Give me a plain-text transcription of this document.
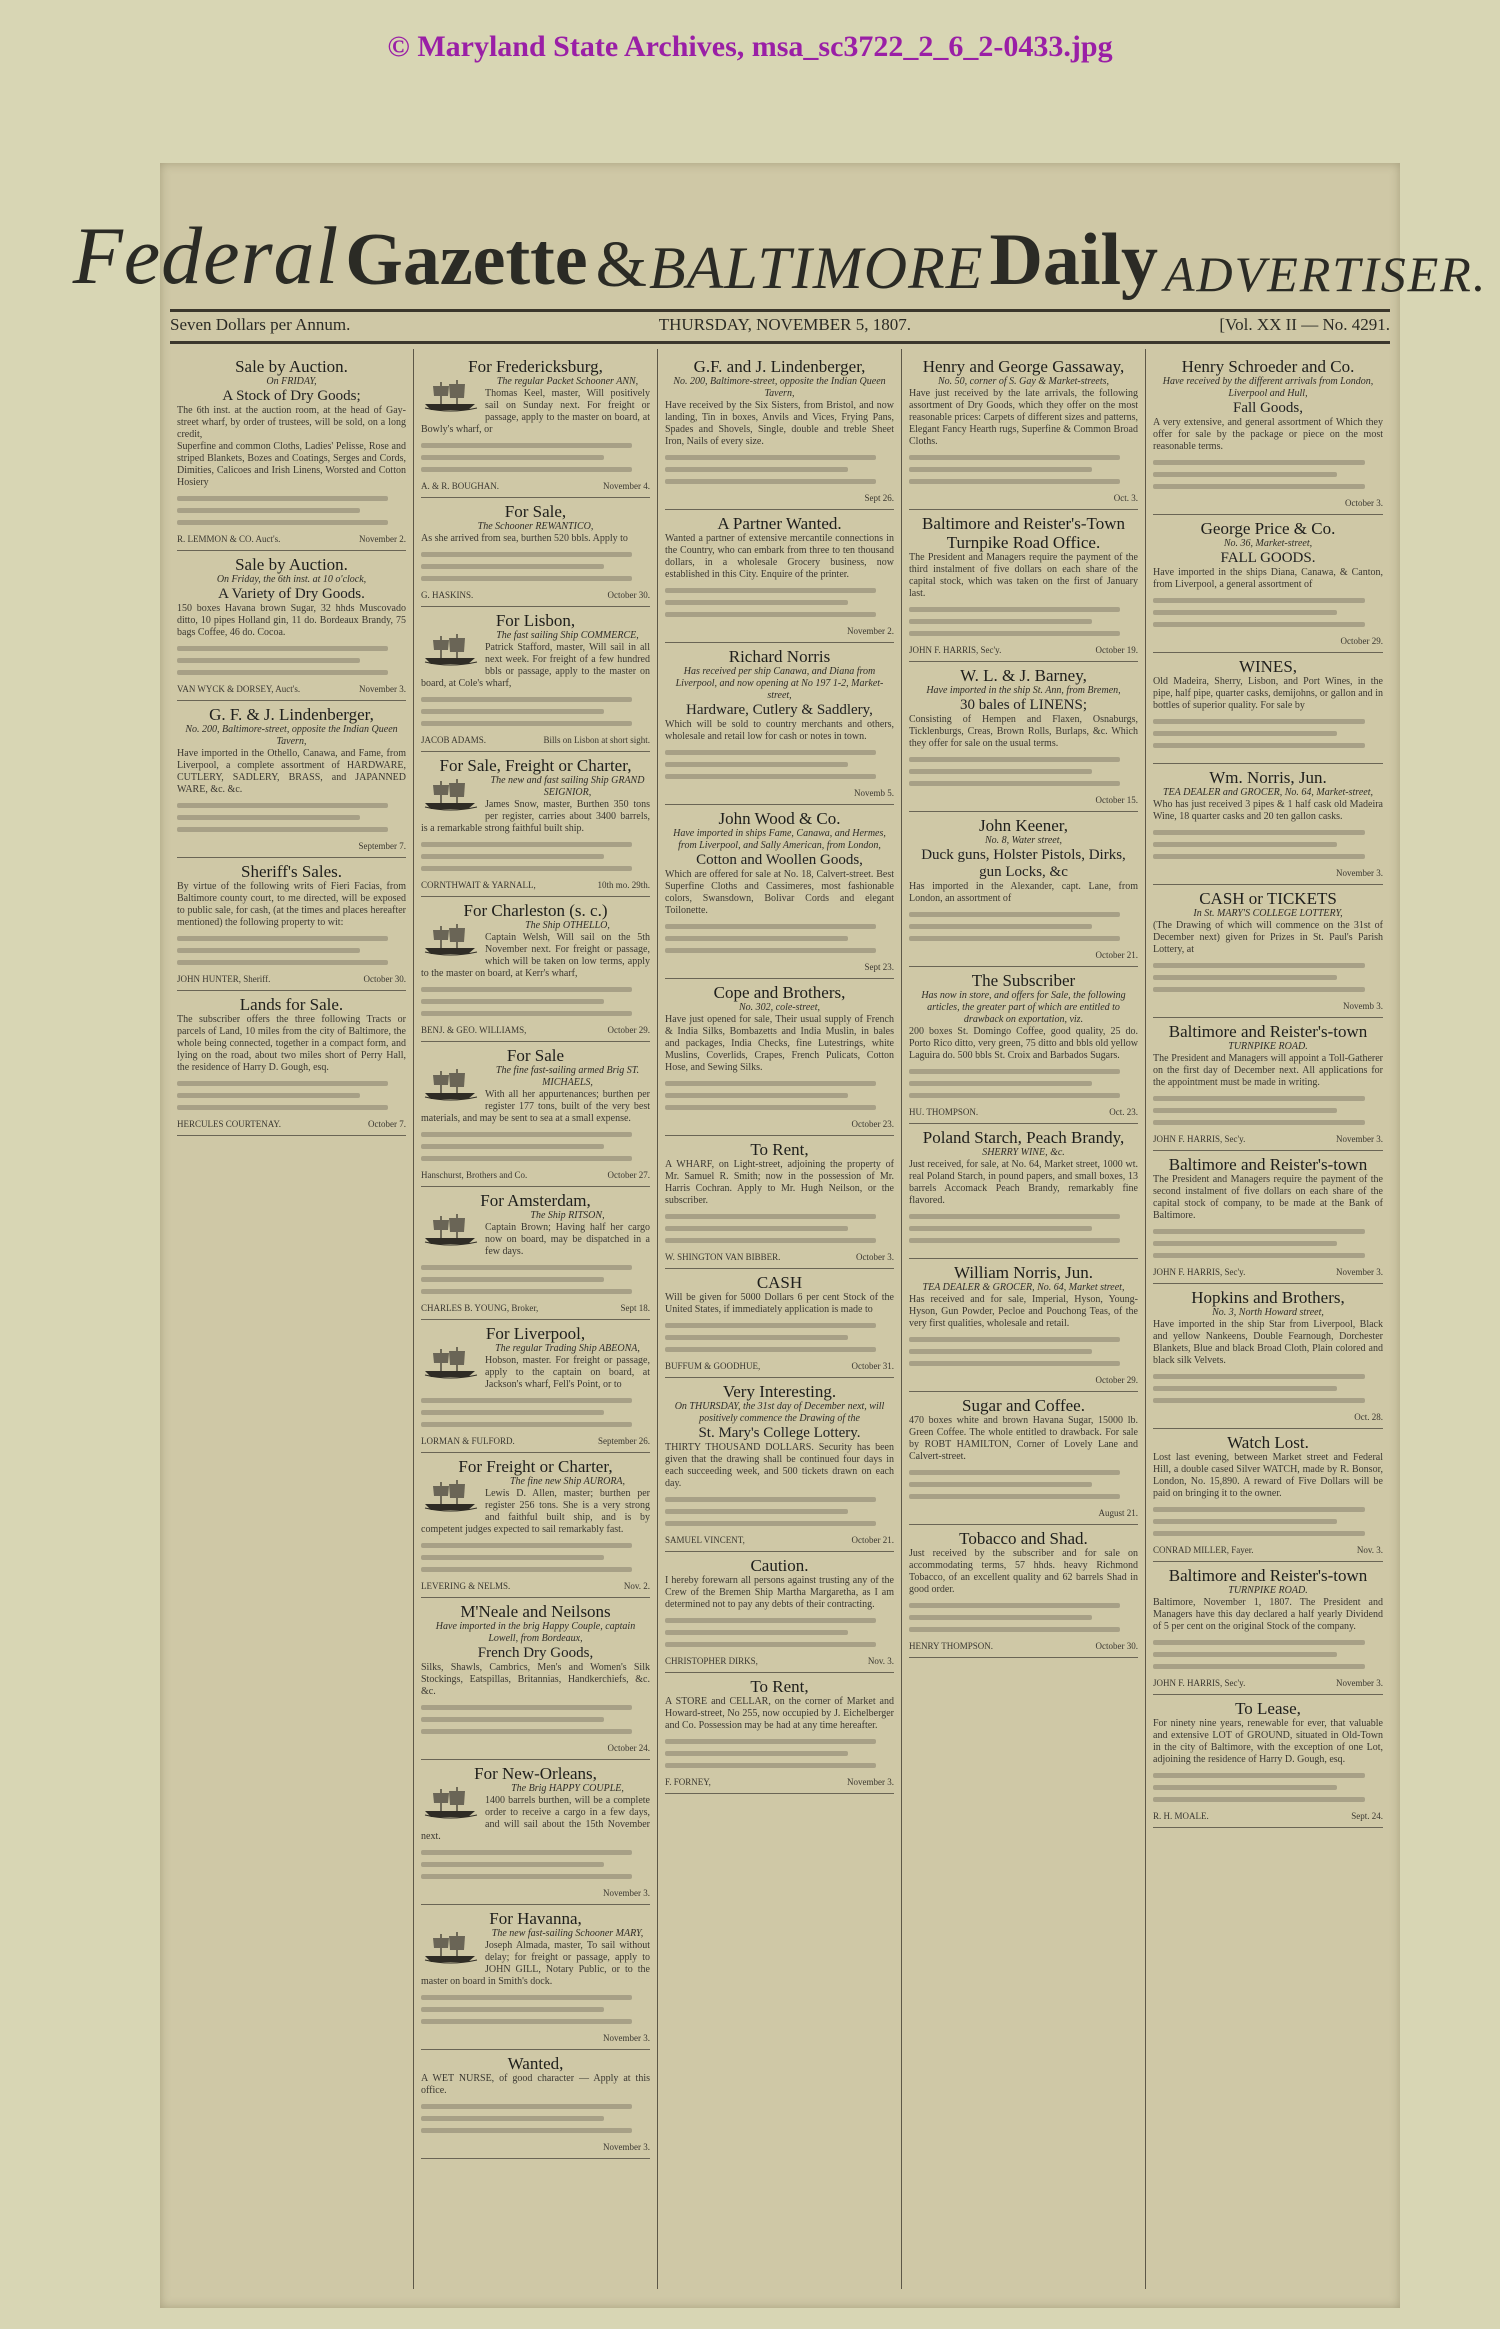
© Maryland State Archives, msa_sc3722_2_6_2-0433.jpg
Federal Gazette & BALTIMORE Daily ADVERTISER.
Seven Dollars per Annum.	THURSDAY, NOVEMBER 5, 1807.	[Vol. XX II — No. 4291.
Sale by Auction.
On FRIDAY,
A Stock of Dry Goods;
The 6th inst. at the auction room, at the head of Gay-street wharf, by order of trustees, will be sold, on a long credit,
Superfine and common Cloths, Ladies' Pelisse, Rose and striped Blankets, Bozes and Coatings, Serges and Cords, Dimities, Calicoes and Irish Linens, Worsted and Cotton Hosiery
R. LEMMON & CO. Auct's.	November 2.
Sale by Auction.
On Friday, the 6th inst. at 10 o'clock,
A Variety of Dry Goods.
150 boxes Havana brown Sugar, 32 hhds Muscovado ditto, 10 pipes Holland gin, 11 do. Bordeaux Brandy, 75 bags Coffee, 46 do. Cocoa.
VAN WYCK & DORSEY, Auct's.	November 3.
G. F. & J. Lindenberger,
No. 200, Baltimore-street, opposite the Indian Queen Tavern,
Have imported in the Othello, Canawa, and Fame, from Liverpool, a complete assortment of HARDWARE, CUTLERY, SADLERY, BRASS, and JAPANNED WARE, &c. &c.
September 7.
Sheriff's Sales.
By virtue of the following writs of Fieri Facias, from Baltimore county court, to me directed, will be exposed to public sale, for cash, (at the times and places hereafter mentioned) the following property to wit:
JOHN HUNTER, Sheriff.	October 30.
Lands for Sale.
The subscriber offers the three following Tracts or parcels of Land, 10 miles from the city of Baltimore, the whole being connected, together in a compact form, and lying on the road, about two miles short of Perry Hall, the residence of Harry D. Gough, esq.
HERCULES COURTENAY.	October 7.
For Fredericksburg,
The regular Packet Schooner ANN,
Thomas Keel, master, Will positively sail on Sunday next. For freight or passage, apply to the master on board, at Bowly's wharf, or
A. & R. BOUGHAN.	November 4.
For Sale,
The Schooner REWANTICO,
As she arrived from sea, burthen 520 bbls. Apply to
G. HASKINS.	October 30.
For Lisbon,
The fast sailing Ship COMMERCE,
Patrick Stafford, master, Will sail in all next week. For freight of a few hundred bbls or passage, apply to the master on board, at Cole's wharf,
JACOB ADAMS.	Bills on Lisbon at short sight.
For Sale, Freight or Charter,
The new and fast sailing Ship GRAND SEIGNIOR,
James Snow, master, Burthen 350 tons per register, carries about 3400 barrels, is a remarkable strong faithful built ship.
CORNTHWAIT & YARNALL,	10th mo. 29th.
For Charleston (s. c.)
The Ship OTHELLO,
Captain Welsh, Will sail on the 5th November next. For freight or passage, which will be taken on low terms, apply to the master on board, at Kerr's wharf,
BENJ. & GEO. WILLIAMS,	October 29.
For Sale
The fine fast-sailing armed Brig ST. MICHAELS,
With all her appurtenances; burthen per register 177 tons, built of the very best materials, and may be sent to sea at a small expense.
Hanschurst, Brothers and Co.	October 27.
For Amsterdam,
The Ship RITSON,
Captain Brown; Having half her cargo now on board, may be dispatched in a few days.
CHARLES B. YOUNG, Broker,	Sept 18.
For Liverpool,
The regular Trading Ship ABEONA,
Hobson, master. For freight or passage, apply to the captain on board, at Jackson's wharf, Fell's Point, or to
LORMAN & FULFORD.	September 26.
For Freight or Charter,
The fine new Ship AURORA,
Lewis D. Allen, master; burthen per register 256 tons. She is a very strong and faithful built ship, and is by competent judges expected to sail remarkably fast.
LEVERING & NELMS.	Nov. 2.
M'Neale and Neilsons
Have imported in the brig Happy Couple, captain Lowell, from Bordeaux,
French Dry Goods,
Silks, Shawls, Cambrics, Men's and Women's Silk Stockings, Eatspillas, Britannias, Handkerchiefs, &c. &c.
October 24.
For New-Orleans,
The Brig HAPPY COUPLE,
1400 barrels burthen, will be a complete order to receive a cargo in a few days, and will sail about the 15th November next.
November 3.
For Havanna,
The new fast-sailing Schooner MARY,
Joseph Almada, master, To sail without delay; for freight or passage, apply to JOHN GILL, Notary Public, or to the master on board in Smith's dock.
November 3.
Wanted,
A WET NURSE, of good character — Apply at this office.
November 3.
G.F. and J. Lindenberger,
No. 200, Baltimore-street, opposite the Indian Queen Tavern,
Have received by the Six Sisters, from Bristol, and now landing, Tin in boxes, Anvils and Vices, Frying Pans, Spades and Shovels, Single, double and treble Sheet Iron, Nails of every size.
Sept 26.
A Partner Wanted.
Wanted a partner of extensive mercantile connections in the Country, who can embark from three to ten thousand dollars, in a wholesale Grocery business, now established in this City. Enquire of the printer.
November 2.
Richard Norris
Has received per ship Canawa, and Diana from Liverpool, and now opening at No 197 1-2, Market-street,
Hardware, Cutlery & Saddlery,
Which will be sold to country merchants and others, wholesale and retail low for cash or notes in town.
Novemb 5.
John Wood & Co.
Have imported in ships Fame, Canawa, and Hermes, from Liverpool, and Sally American, from London,
Cotton and Woollen Goods,
Which are offered for sale at No. 18, Calvert-street. Best Superfine Cloths and Cassimeres, most fashionable colors, Swansdown, Bolivar Cords and elegant Toilonette.
Sept 23.
Cope and Brothers,
No. 302, cole-street,
Have just opened for sale, Their usual supply of French & India Silks, Bombazetts and India Muslin, in bales and packages, India Checks, fine Lutestrings, white Muslins, Coverlids, Crapes, French Pulicats, Cotton Hose, and Sewing Silks.
October 23.
To Rent,
A WHARF, on Light-street, adjoining the property of Mr. Samuel R. Smith; now in the possession of Mr. Harris Cochran. Apply to Mr. Hugh Neilson, or the subscriber.
W. SHINGTON VAN BIBBER.	October 3.
CASH
Will be given for 5000 Dollars 6 per cent Stock of the United States, if immediately application is made to
BUFFUM & GOODHUE,	October 31.
Very Interesting.
On THURSDAY, the 31st day of December next, will positively commence the Drawing of the
St. Mary's College Lottery.
THIRTY THOUSAND DOLLARS. Security has been given that the drawing shall be continued four days in each succeeding week, and 500 tickets drawn on each day.
SAMUEL VINCENT,	October 21.
Caution.
I hereby forewarn all persons against trusting any of the Crew of the Bremen Ship Martha Margaretha, as I am determined not to pay any debts of their contracting.
CHRISTOPHER DIRKS,	Nov. 3.
To Rent,
A STORE and CELLAR, on the corner of Market and Howard-street, No 255, now occupied by J. Eichelberger and Co. Possession may be had at any time hereafter.
F. FORNEY,	November 3.
Henry and George Gassaway,
No. 50, corner of S. Gay & Market-streets,
Have just received by the late arrivals, the following assortment of Dry Goods, which they offer on the most reasonable prices: Carpets of different sizes and patterns, Elegant Fancy Hearth rugs, Superfine & Common Broad Cloths.
Oct. 3.
Baltimore and Reister's-Town Turnpike Road Office.
The President and Managers require the payment of the third instalment of five dollars on each share of the capital stock, which was taken on the first of January last.
JOHN F. HARRIS, Sec'y.	October 19.
W. L. & J. Barney,
Have imported in the ship St. Ann, from Bremen,
30 bales of LINENS;
Consisting of Hempen and Flaxen, Osnaburgs, Ticklenburgs, Creas, Brown Rolls, Burlaps, &c. Which they offer for sale on the usual terms.
October 15.
John Keener,
No. 8, Water street,
Duck guns, Holster Pistols, Dirks, gun Locks, &c
Has imported in the Alexander, capt. Lane, from London, an assortment of
October 21.
The Subscriber
Has now in store, and offers for Sale, the following articles, the greater part of which are entitled to drawback on exportation, viz.
200 boxes St. Domingo Coffee, good quality, 25 do. Porto Rico ditto, very green, 75 ditto and bbls old yellow Laguira do. 500 bbls St. Croix and Barbados Sugars.
HU. THOMPSON.	Oct. 23.
Poland Starch, Peach Brandy,
SHERRY WINE, &c.
Just received, for sale, at No. 64, Market street, 1000 wt. real Poland Starch, in pound papers, and small boxes, 13 barrels Accomack Peach Brandy, remarkably fine flavored.
William Norris, Jun.
TEA DEALER & GROCER, No. 64, Market street,
Has received and for sale, Imperial, Hyson, Young-Hyson, Gun Powder, Pecloe and Pouchong Teas, of the very first qualities, wholesale and retail.
October 29.
Sugar and Coffee.
470 boxes white and brown Havana Sugar, 15000 lb. Green Coffee. The whole entitled to drawback. For sale by ROBT HAMILTON, Corner of Lovely Lane and Calvert-street.
August 21.
Tobacco and Shad.
Just received by the subscriber and for sale on accommodating terms, 57 hhds. heavy Richmond Tobacco, of an excellent quality and 62 barrels Shad in good order.
HENRY THOMPSON.	October 30.
Henry Schroeder and Co.
Have received by the different arrivals from London, Liverpool and Hull,
Fall Goods,
A very extensive, and general assortment of Which they offer for sale by the package or piece on the most reasonable terms.
October 3.
George Price & Co.
No. 36, Market-street,
FALL GOODS.
Have imported in the ships Diana, Canawa, & Canton, from Liverpool, a general assortment of
October 29.
WINES,
Old Madeira, Sherry, Lisbon, and Port Wines, in the pipe, half pipe, quarter casks, demijohns, or gallon and in bottles of superior quality. For sale by
Wm. Norris, Jun.
TEA DEALER and GROCER, No. 64, Market-street,
Who has just received 3 pipes & 1 half cask old Madeira Wine, 18 quarter casks and 20 ten gallon casks.
November 3.
CASH or TICKETS
In St. MARY'S COLLEGE LOTTERY,
(The Drawing of which will commence on the 31st of December next) given for Prizes in St. Paul's Parish Lottery, at
Novemb 3.
Baltimore and Reister's-town
TURNPIKE ROAD.
The President and Managers will appoint a Toll-Gatherer on the first day of December next. All applications for the appointment must be made in writing.
JOHN F. HARRIS, Sec'y.	November 3.
Baltimore and Reister's-town
The President and Managers require the payment of the second instalment of five dollars on each share of the capital stock of company, to be made at the Bank of Baltimore.
JOHN F. HARRIS, Sec'y.	November 3.
Hopkins and Brothers,
No. 3, North Howard street,
Have imported in the ship Star from Liverpool, Black and yellow Nankeens, Double Fearnough, Dorchester Blankets, Blue and black Broad Cloth, Plain colored and black silk Velvets.
Oct. 28.
Watch Lost.
Lost last evening, between Market street and Federal Hill, a double cased Silver WATCH, made by R. Bonsor, London, No. 15,890. A reward of Five Dollars will be paid on bringing it to the owner.
CONRAD MILLER, Fayer.	Nov. 3.
Baltimore and Reister's-town
TURNPIKE ROAD.
Baltimore, November 1, 1807. The President and Managers have this day declared a half yearly Dividend of 5 per cent on the original Stock of the company.
JOHN F. HARRIS, Sec'y.	November 3.
To Lease,
For ninety nine years, renewable for ever, that valuable and extensive LOT of GROUND, situated in Old-Town in the city of Baltimore, with the exception of one Lot, adjoining the residence of Harry D. Gough, esq.
R. H. MOALE.	Sept. 24.
